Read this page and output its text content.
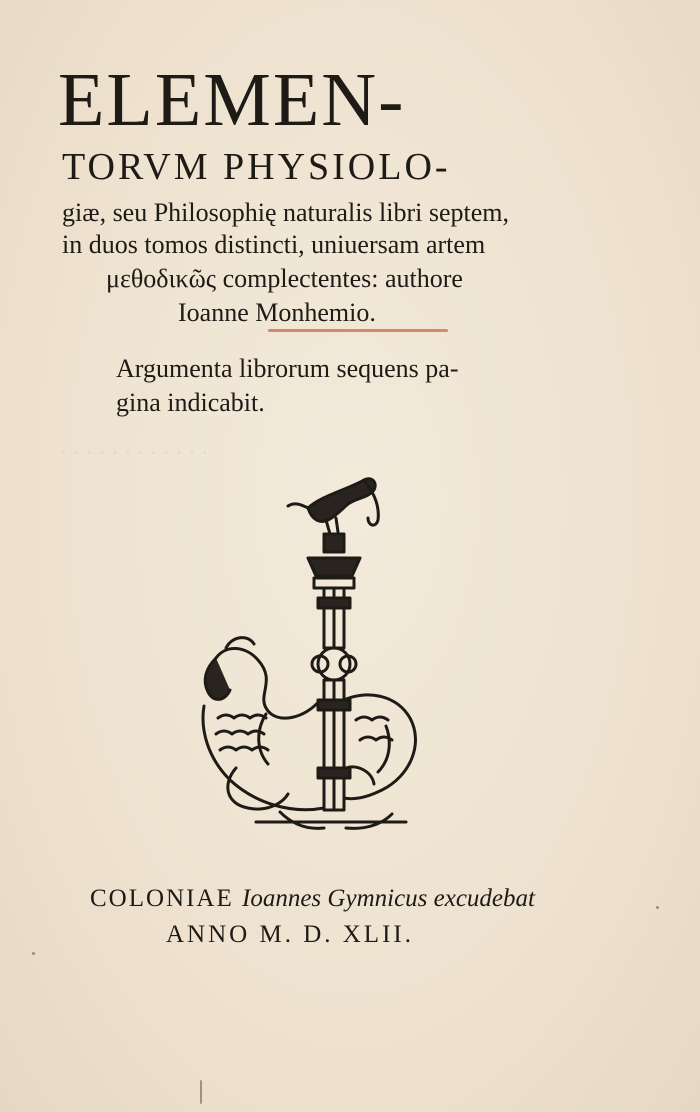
· · · · · · · · · · · ·
ELEMEN-
TORVM PHYSIOLO-
giæ, seu Philosophię naturalis libri septem,
in duos tomos distincti, uniuersam artem
μεθοδικῶς complectentes: authore
Ioanne Monhemio.
Argumenta librorum sequens pa-
gina indicabit.
COLONIAE Ioannes Gymnicus excudebat
ANNO M. D. XLII.
